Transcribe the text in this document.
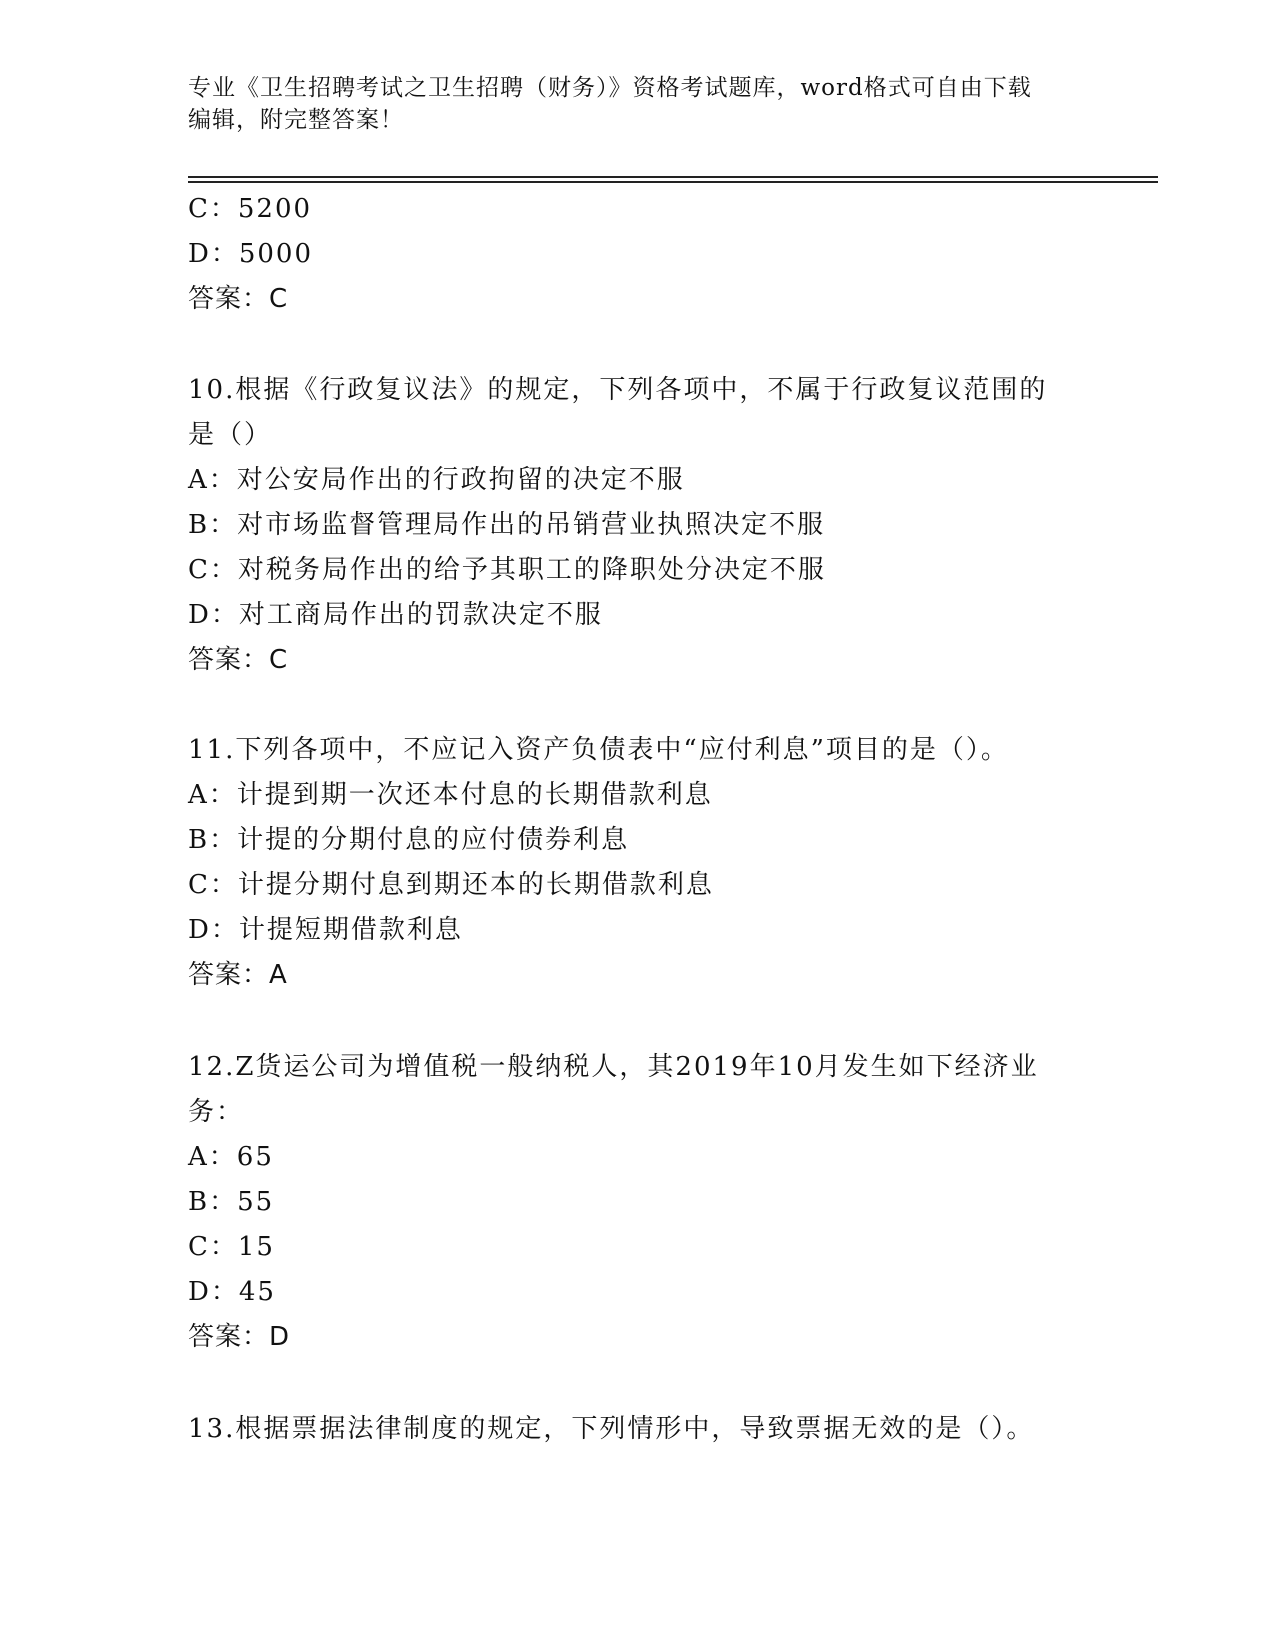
专业《卫生招聘考试之卫生招聘（财务）》资格考试题库，word格式可自由下载
编辑，附完整答案！
C：5200
D：5000
答案：C
10.根据《行政复议法》的规定，下列各项中，不属于行政复议范围的
是（）
A：对公安局作出的行政拘留的决定不服
B：对市场监督管理局作出的吊销营业执照决定不服
C：对税务局作出的给予其职工的降职处分决定不服
D：对工商局作出的罚款决定不服
答案：C
11.下列各项中，不应记入资产负债表中“应付利息”项目的是（）。
A：计提到期一次还本付息的长期借款利息
B：计提的分期付息的应付债券利息
C：计提分期付息到期还本的长期借款利息
D：计提短期借款利息
答案：A
12.Z货运公司为增值税一般纳税人，其2019年10月发生如下经济业
务：
A：65
B：55
C：15
D：45
答案：D
13.根据票据法律制度的规定，下列情形中，导致票据无效的是（）。
